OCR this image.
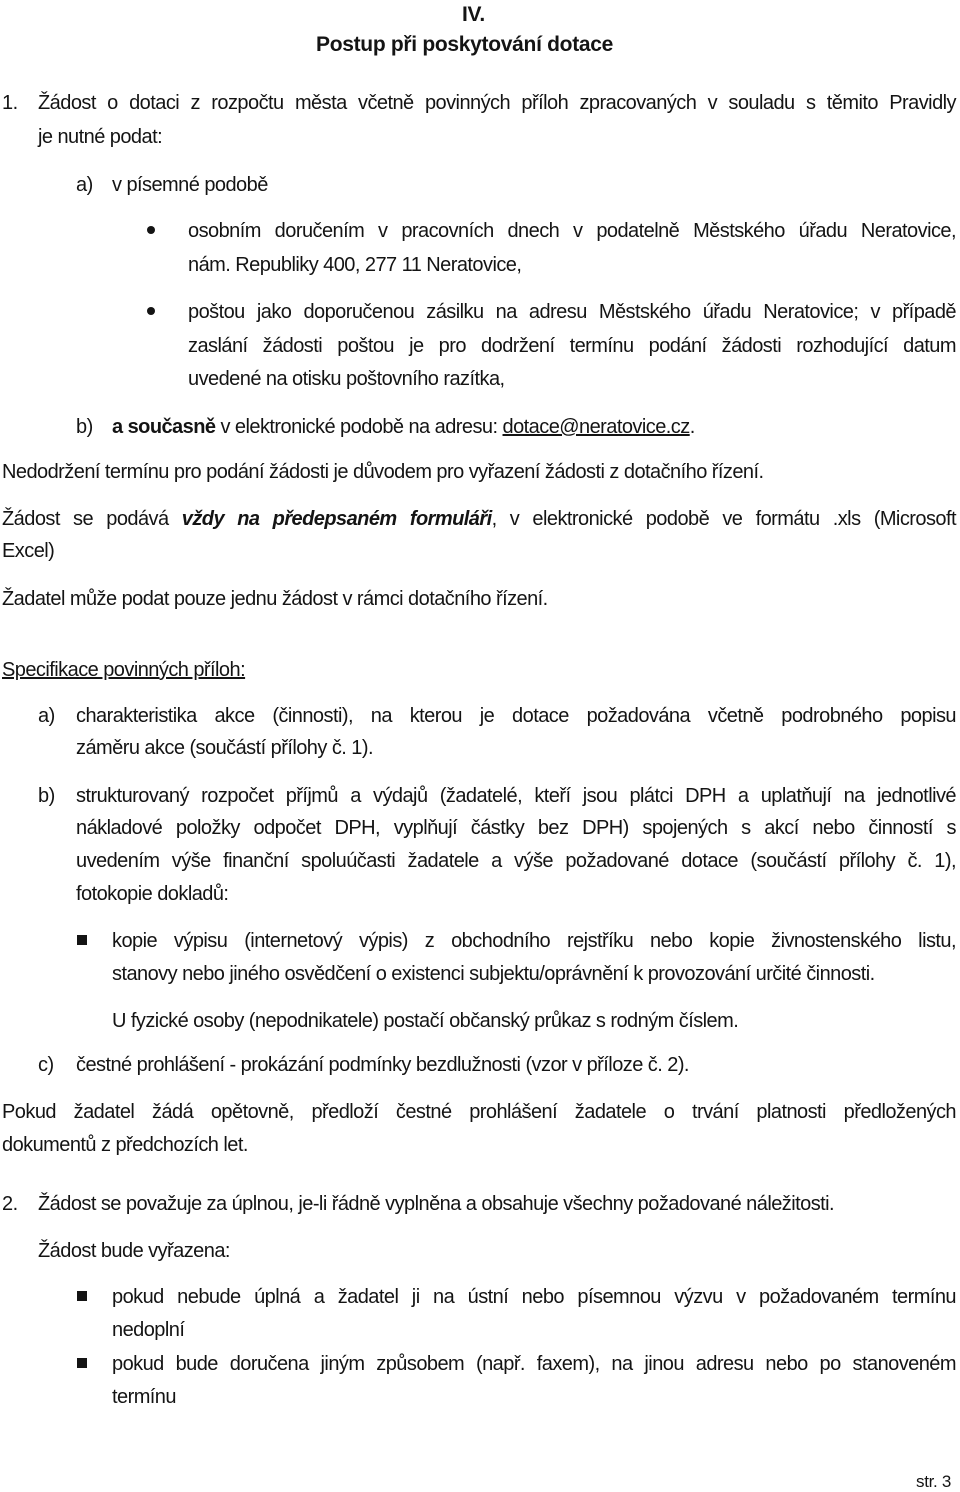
IV.

Postup při poskytování dotace

1. Žádost o dotaci z rozpočtu města včetně povinných příloh zpracovaných v souladu s těmito Pravidly

je nutné podat:

a) v písemné podobě

osobním doručením v pracovních dnech v podatelně Městského úřadu Neratovice,

nám. Republiky 400, 277 11 Neratovice,

poštou jako doporučenou zásilku na adresu Městského úřadu Neratovice; v případě

zaslání žádosti poštou je pro dodržení termínu podání žádosti rozhodující datum

uvedené na otisku poštovního razítka,

b) a současně v elektronické podobě na adresu: dotace@neratovice.cz.

Nedodržení termínu pro podání žádosti je důvodem pro vyřazení žádosti z dotačního řízení.

Žádost se podává vždy na předepsaném formuláři, v elektronické podobě ve formátu .xls (Microsoft

Excel)

Žadatel může podat pouze jednu žádost v rámci dotačního řízení.

Specifikace povinných příloh:

a) charakteristika akce (činnosti), na kterou je dotace požadována včetně podrobného popisu

záměru akce (součástí přílohy č. 1).

b) strukturovaný rozpočet příjmů a výdajů (žadatelé, kteří jsou plátci DPH a uplatňují na jednotlivé

nákladové položky odpočet DPH, vyplňují částky bez DPH) spojených s akcí nebo činností s

uvedením výše finanční spoluúčasti žadatele a výše požadované dotace (součástí přílohy č. 1),

fotokopie dokladů:

kopie výpisu (internetový výpis) z obchodního rejstříku nebo kopie živnostenského listu,

stanovy nebo jiného osvědčení o existenci subjektu/oprávnění k provozování určité činnosti.

U fyzické osoby (nepodnikatele) postačí občanský průkaz s rodným číslem.

c) čestné prohlášení - prokázání podmínky bezdlužnosti (vzor v příloze č. 2).

Pokud žadatel žádá opětovně, předloží čestné prohlášení žadatele o trvání platnosti předložených

dokumentů z předchozích let.

2. Žádost se považuje za úplnou, je-li řádně vyplněna a obsahuje všechny požadované náležitosti.

Žádost bude vyřazena:

pokud nebude úplná a žadatel ji na ústní nebo písemnou výzvu v požadovaném termínu

nedoplní

pokud bude doručena jiným způsobem (např. faxem), na jinou adresu nebo po stanoveném

termínu

str. 3
